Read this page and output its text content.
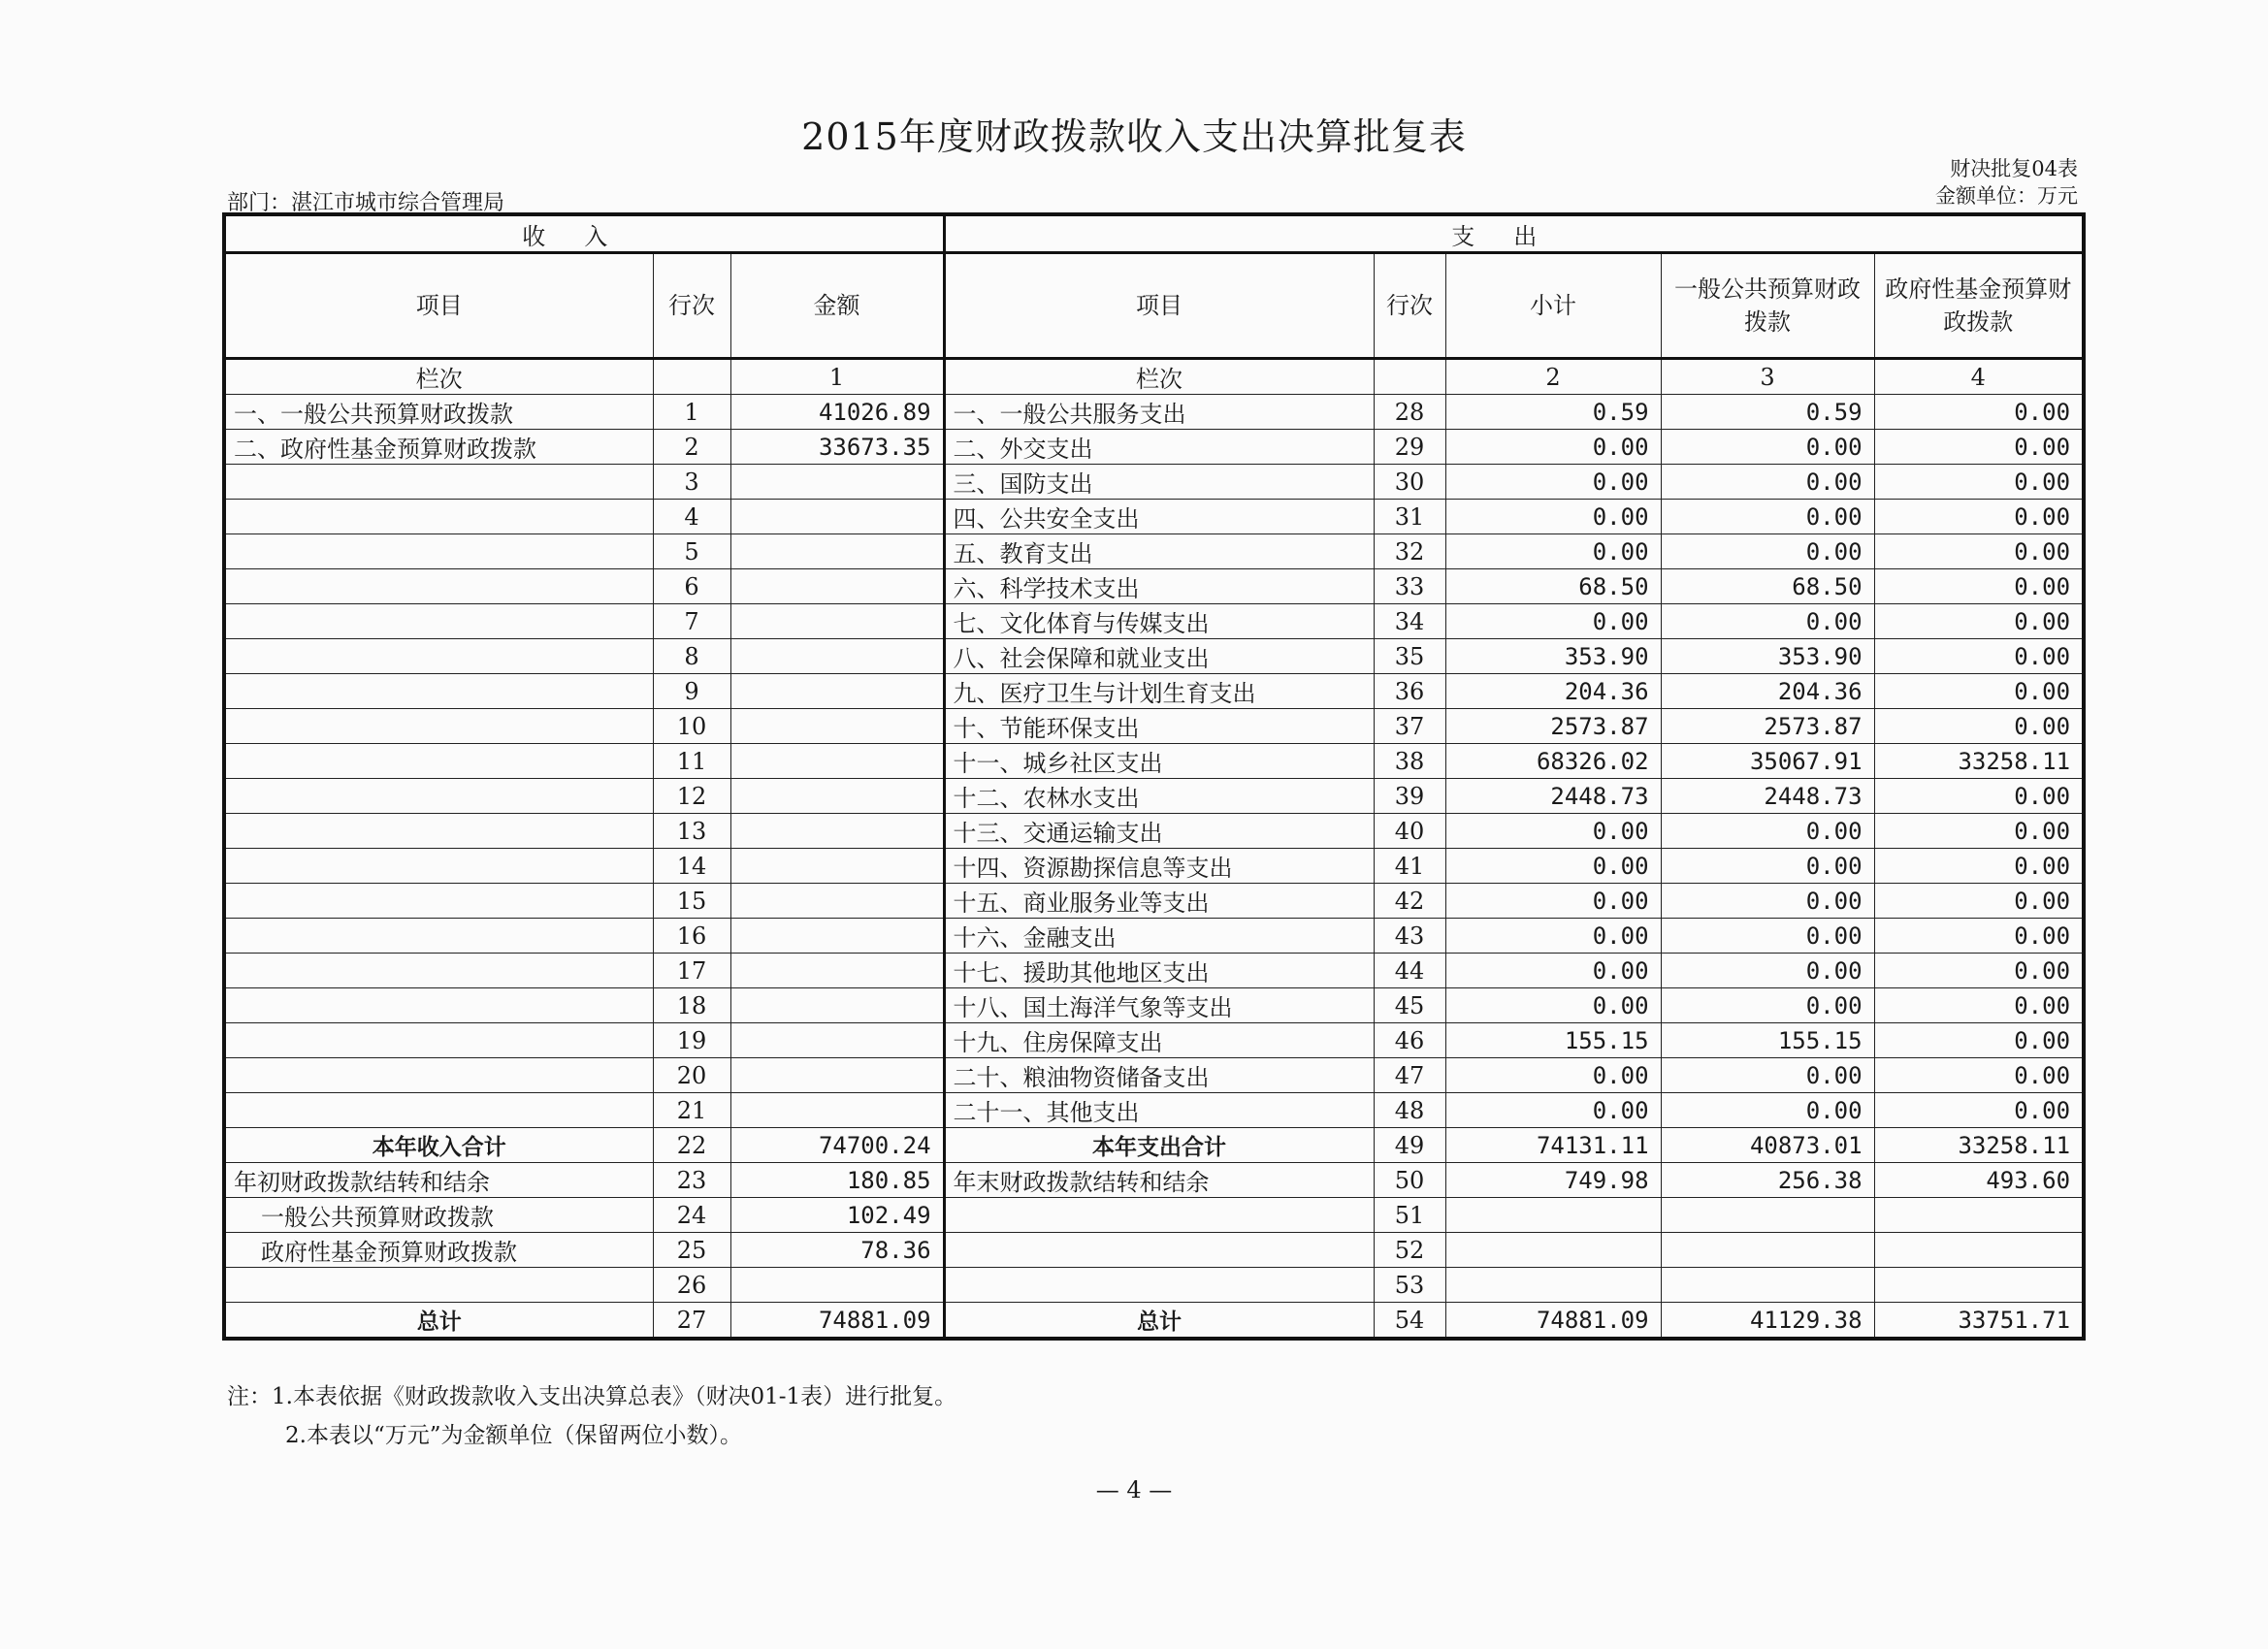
2015年度财政拨款收入支出决算批复表
财决批复04表
部门：湛江市城市综合管理局	金额单位：万元
收入			支出				
项目	行次	金额	项目	行次	小计	一般公共预算财政拨款	政府性基金预算财政拨款
栏次		1	栏次		2	3	4
一、一般公共预算财政拨款	1	41026.89	一、一般公共服务支出	28	0.59	0.59	0.00
二、政府性基金预算财政拨款	2	33673.35	二、外交支出	29	0.00	0.00	0.00
	3		三、国防支出	30	0.00	0.00	0.00
	4		四、公共安全支出	31	0.00	0.00	0.00
	5		五、教育支出	32	0.00	0.00	0.00
	6		六、科学技术支出	33	68.50	68.50	0.00
	7		七、文化体育与传媒支出	34	0.00	0.00	0.00
	8		八、社会保障和就业支出	35	353.90	353.90	0.00
	9		九、医疗卫生与计划生育支出	36	204.36	204.36	0.00
	10		十、节能环保支出	37	2573.87	2573.87	0.00
	11		十一、城乡社区支出	38	68326.02	35067.91	33258.11
	12		十二、农林水支出	39	2448.73	2448.73	0.00
	13		十三、交通运输支出	40	0.00	0.00	0.00
	14		十四、资源勘探信息等支出	41	0.00	0.00	0.00
	15		十五、商业服务业等支出	42	0.00	0.00	0.00
	16		十六、金融支出	43	0.00	0.00	0.00
	17		十七、援助其他地区支出	44	0.00	0.00	0.00
	18		十八、国土海洋气象等支出	45	0.00	0.00	0.00
	19		十九、住房保障支出	46	155.15	155.15	0.00
	20		二十、粮油物资储备支出	47	0.00	0.00	0.00
	21		二十一、其他支出	48	0.00	0.00	0.00
本年收入合计	22	74700.24	本年支出合计	49	74131.11	40873.01	33258.11
年初财政拨款结转和结余	23	180.85	年末财政拨款结转和结余	50	749.98	256.38	493.60
一般公共预算财政拨款	24	102.49		51			
政府性基金预算财政拨款	25	78.36		52			
	26			53			
总计	27	74881.09	总计	54	74881.09	41129.38	33751.71
注：1.本表依据《财政拨款收入支出决算总表》（财决01-1表）进行批复。
2.本表以“万元”为金额单位（保留两位小数）。
— 4 —
